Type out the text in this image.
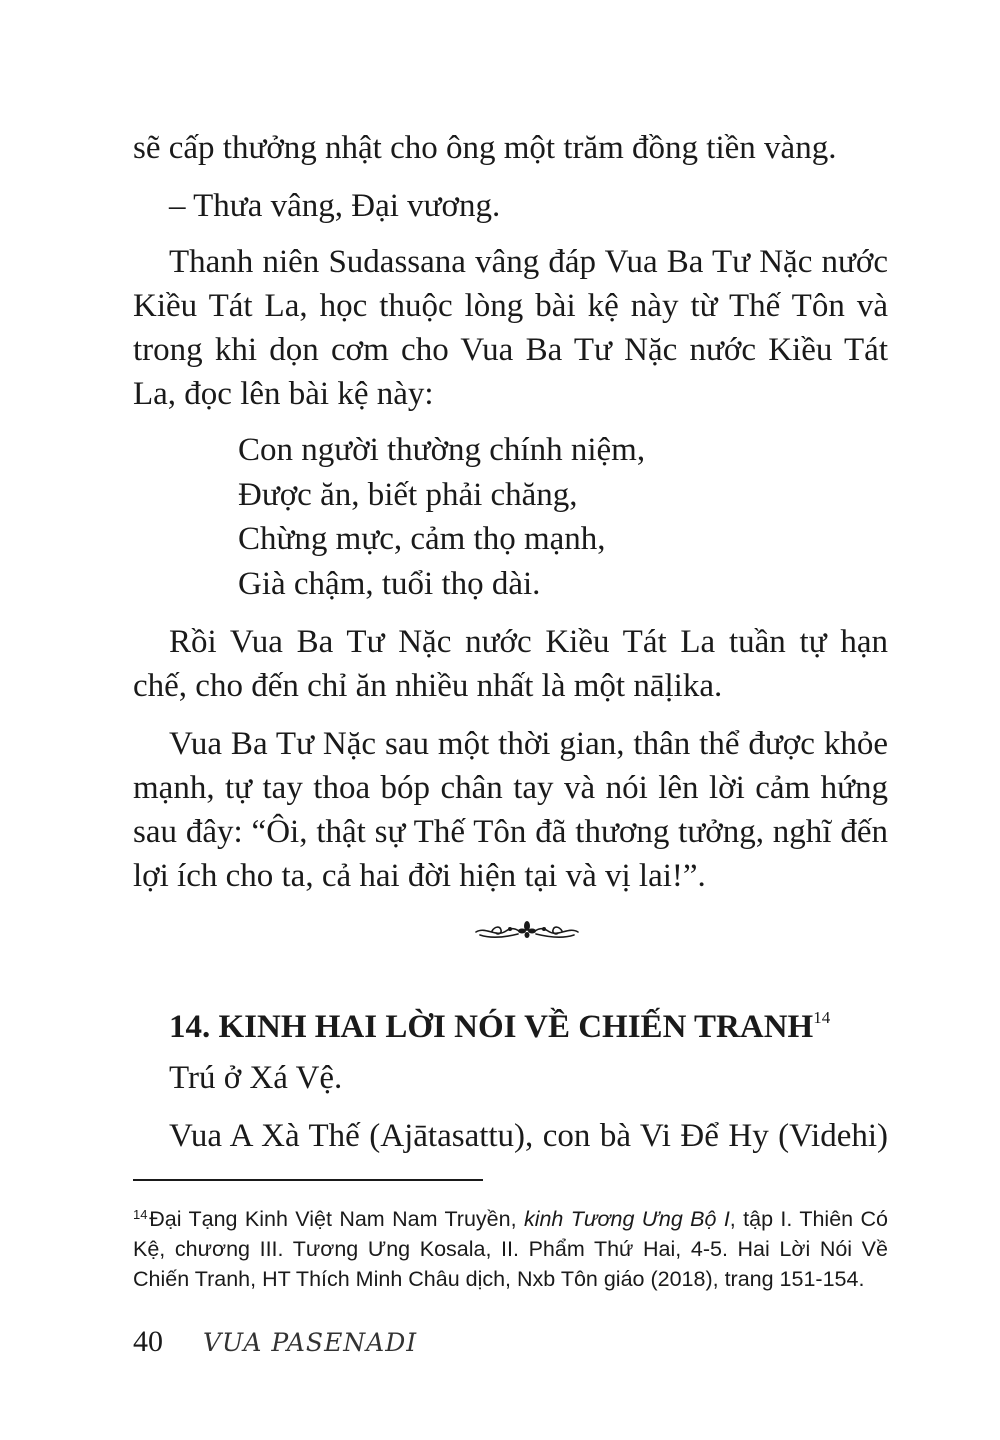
sẽ cấp thưởng nhật cho ông một trăm đồng tiền vàng.

– Thưa vâng, Đại vương.

Thanh niên Sudassana vâng đáp Vua Ba Tư Nặc nước Kiều Tát La, học thuộc lòng bài kệ này từ Thế Tôn và trong khi dọn cơm cho Vua Ba Tư Nặc nước Kiều Tát La, đọc lên bài kệ này:

Con người thường chính niệm,
Được ăn, biết phải chăng,
Chừng mực, cảm thọ mạnh,
Già chậm, tuổi thọ dài.

Rồi Vua Ba Tư Nặc nước Kiều Tát La tuần tự hạn chế, cho đến chỉ ăn nhiều nhất là một nāḷika.

Vua Ba Tư Nặc sau một thời gian, thân thể được khỏe mạnh, tự tay thoa bóp chân tay và nói lên lời cảm hứng sau đây: “Ôi, thật sự Thế Tôn đã thương tưởng, nghĩ đến lợi ích cho ta, cả hai đời hiện tại và vị lai!”.

14. KINH HAI LỜI NÓI VỀ CHIẾN TRANH$^{14}$

Trú ở Xá Vệ.

Vua A Xà Thế (Ajātasattu), con bà Vi Để Hy (Videhi)

$^{14}$ Đại Tạng Kinh Việt Nam Nam Truyền, kinh Tương Ưng Bộ I, tập I. Thiên Có Kệ, chương III. Tương Ưng Kosala, II. Phẩm Thứ Hai, 4-5. Hai Lời Nói Về Chiến Tranh, HT Thích Minh Châu dịch, Nxb Tôn giáo (2018), trang 151-154.

40 VUA PASENADI
